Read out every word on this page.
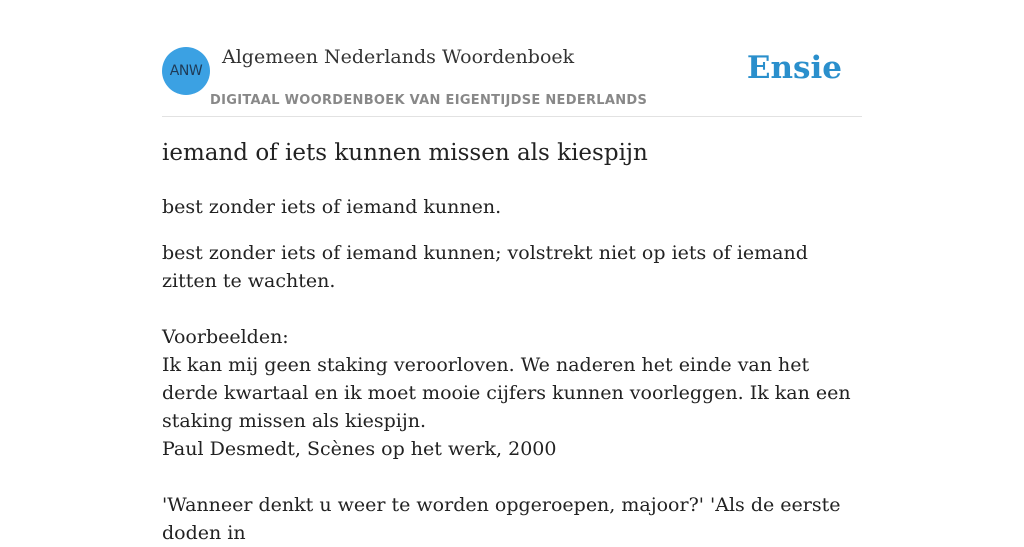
ANW
Algemeen Nederlands Woordenboek
DIGITAAL WOORDENBOEK VAN EIGENTIJDSE NEDERLANDS
Ensie
iemand of iets kunnen missen als kiespijn

best zonder iets of iemand kunnen.

best zonder iets of iemand kunnen; volstrekt niet op iets of iemand zitten te wachten.

Voorbeelden:

Ik kan mij geen staking veroorloven. We naderen het einde van het derde kwartaal en ik moet mooie cijfers kunnen voorleggen. Ik kan een staking missen als kiespijn.

Paul Desmedt, Scènes op het werk, 2000

'Wanneer denkt u weer te worden opgeroepen, majoor?' 'Als de eerste doden in
